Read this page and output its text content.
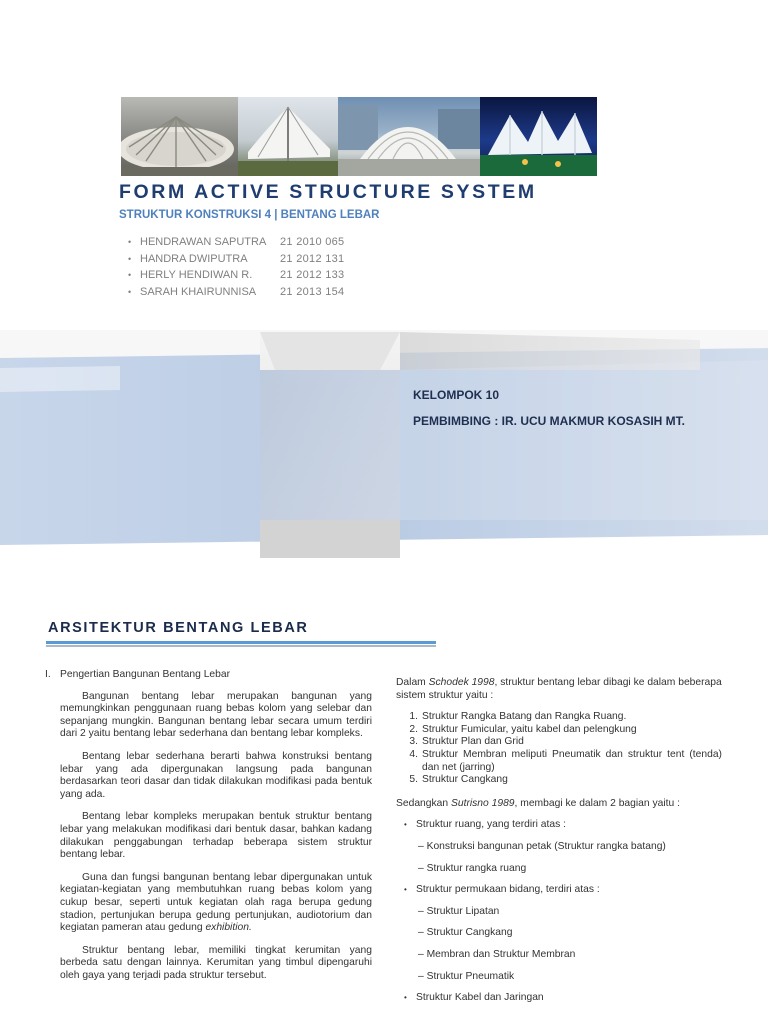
FORM ACTIVE STRUCTURE SYSTEM
STRUKTUR KONSTRUKSI 4 | BENTANG LEBAR
• HENDRAWAN SAPUTRA	21 2010 065
• HANDRA DWIPUTRA	21 2012 131
• HERLY HENDIWAN R.	21 2012 133
• SARAH KHAIRUNNISA	21 2013 154
KELOMPOK 10
PEMBIMBING : IR. UCU MAKMUR KOSASIH MT.
ARSITEKTUR BENTANG LEBAR
I. Pengertian Bangunan Bentang Lebar

Bangunan bentang lebar merupakan bangunan yang memungkinkan penggunaan ruang bebas kolom yang selebar dan sepanjang mungkin. Bangunan bentang lebar secara umum terdiri dari 2 yaitu bentang lebar sederhana dan bentang lebar kompleks.

Bentang lebar sederhana berarti bahwa konstruksi bentang lebar yang ada dipergunakan langsung pada bangunan berdasarkan teori dasar dan tidak dilakukan modifikasi pada bentuk yang ada.

Bentang lebar kompleks merupakan bentuk struktur bentang lebar yang melakukan modifikasi dari bentuk dasar, bahkan kadang dilakukan penggabungan terhadap beberapa sistem struktur bentang lebar.

Guna dan fungsi bangunan bentang lebar dipergunakan untuk kegiatan-kegiatan yang membutuhkan ruang bebas kolom yang cukup besar, seperti untuk kegiatan olah raga berupa gedung stadion, pertunjukan berupa gedung pertunjukan, audiotorium dan kegiatan pameran atau gedung exhibition.

Struktur bentang lebar, memiliki tingkat kerumitan yang berbeda satu dengan lainnya. Kerumitan yang timbul dipengaruhi oleh gaya yang terjadi pada struktur tersebut.

Dalam Schodek 1998, struktur bentang lebar dibagi ke dalam beberapa sistem struktur yaitu :

1. Struktur Rangka Batang dan Rangka Ruang.
2. Struktur Fumicular, yaitu kabel dan pelengkung
3. Struktur Plan dan Grid
4. Struktur Membran meliputi Pneumatik dan struktur tent (tenda) dan net (jarring)
5. Struktur Cangkang

Sedangkan Sutrisno 1989, membagi ke dalam 2 bagian yaitu :

• Struktur ruang, yang terdiri atas :
– Konstruksi bangunan petak (Struktur rangka batang)
– Struktur rangka ruang
• Struktur permukaan bidang, terdiri atas :
– Struktur Lipatan
– Struktur Cangkang
– Membran dan Struktur Membran
– Struktur Pneumatik
• Struktur Kabel dan Jaringan
